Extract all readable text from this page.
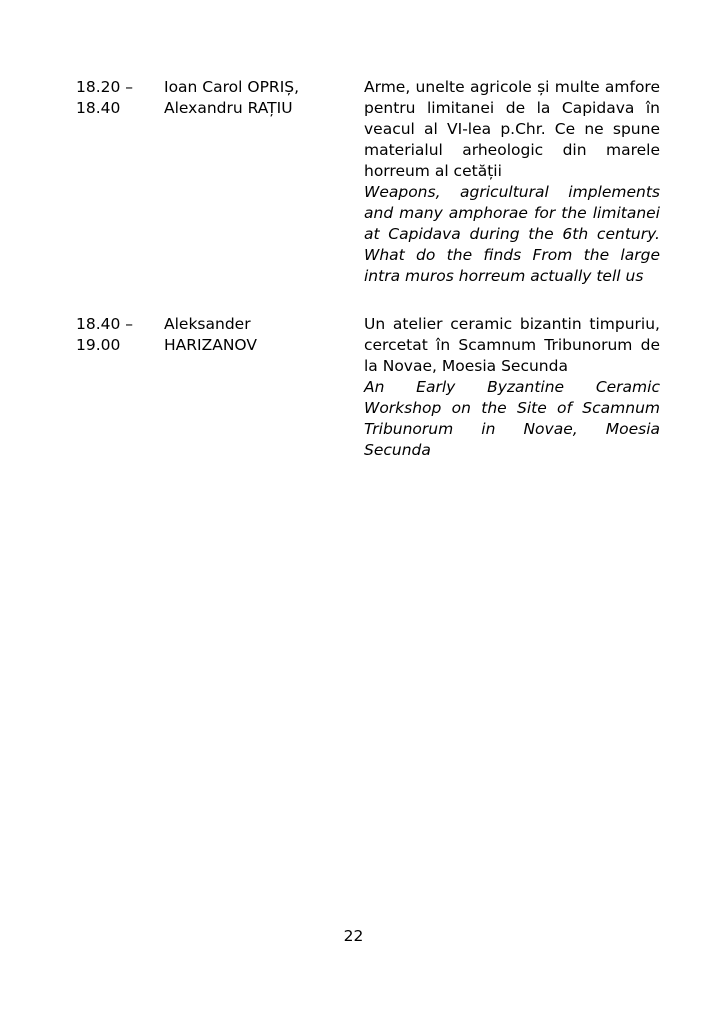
18.20 –
18.40
Ioan Carol OPRIȘ,
Alexandru RAȚIU
Arme, unelte agricole și multe amfore
pentru limitanei de la Capidava în
veacul al VI-lea p.Chr. Ce ne spune
materialul arheologic din marele
horreum al cetății
Weapons, agricultural implements
and many amphorae for the limitanei
at Capidava during the 6th century.
What do the finds From the large
intra muros horreum actually tell us
18.40 –
19.00
Aleksander
HARIZANOV
Un atelier ceramic bizantin timpuriu,
cercetat în Scamnum Tribunorum de
la Novae, Moesia Secunda
An Early Byzantine Ceramic
Workshop on the Site of Scamnum
Tribunorum in Novae, Moesia
Secunda
22
